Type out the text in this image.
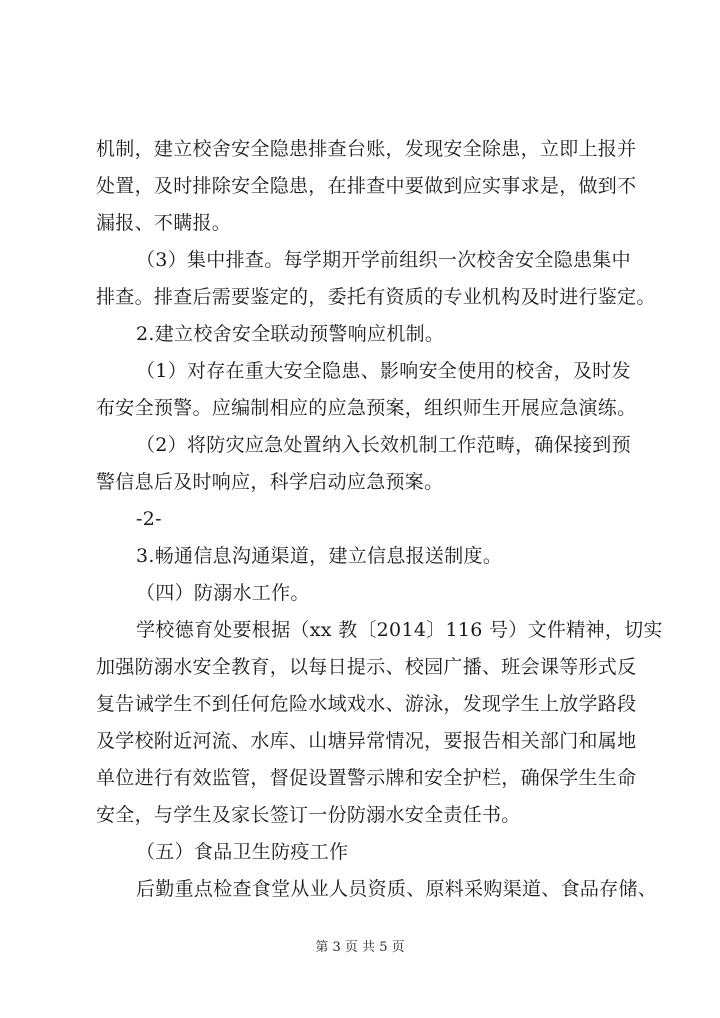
机制，建立校舍安全隐患排查台账，发现安全除患，立即上报并
处置，及时排除安全隐患，在排查中要做到应实事求是，做到不
漏报、不瞒报。
（3）集中排查。每学期开学前组织一次校舍安全隐患集中
排查。排查后需要鉴定的，委托有资质的专业机构及时进行鉴定。
2.建立校舍安全联动预警响应机制。
（1）对存在重大安全隐患、影响安全使用的校舍，及时发
布安全预警。应编制相应的应急预案，组织师生开展应急演练。
（2）将防灾应急处置纳入长效机制工作范畴，确保接到预
警信息后及时响应，科学启动应急预案。
-2-
3.畅通信息沟通渠道，建立信息报送制度。
（四）防溺水工作。
学校德育处要根据（xx 教〔2014〕116 号）文件精神，切实
加强防溺水安全教育，以每日提示、校园广播、班会课等形式反
复告诫学生不到任何危险水域戏水、游泳，发现学生上放学路段
及学校附近河流、水库、山塘异常情况，要报告相关部门和属地
单位进行有效监管，督促设置警示牌和安全护栏，确保学生生命
安全，与学生及家长签订一份防溺水安全责任书。
（五）食品卫生防疫工作
后勤重点检查食堂从业人员资质、原料采购渠道、食品存储、
第 3 页 共 5 页
